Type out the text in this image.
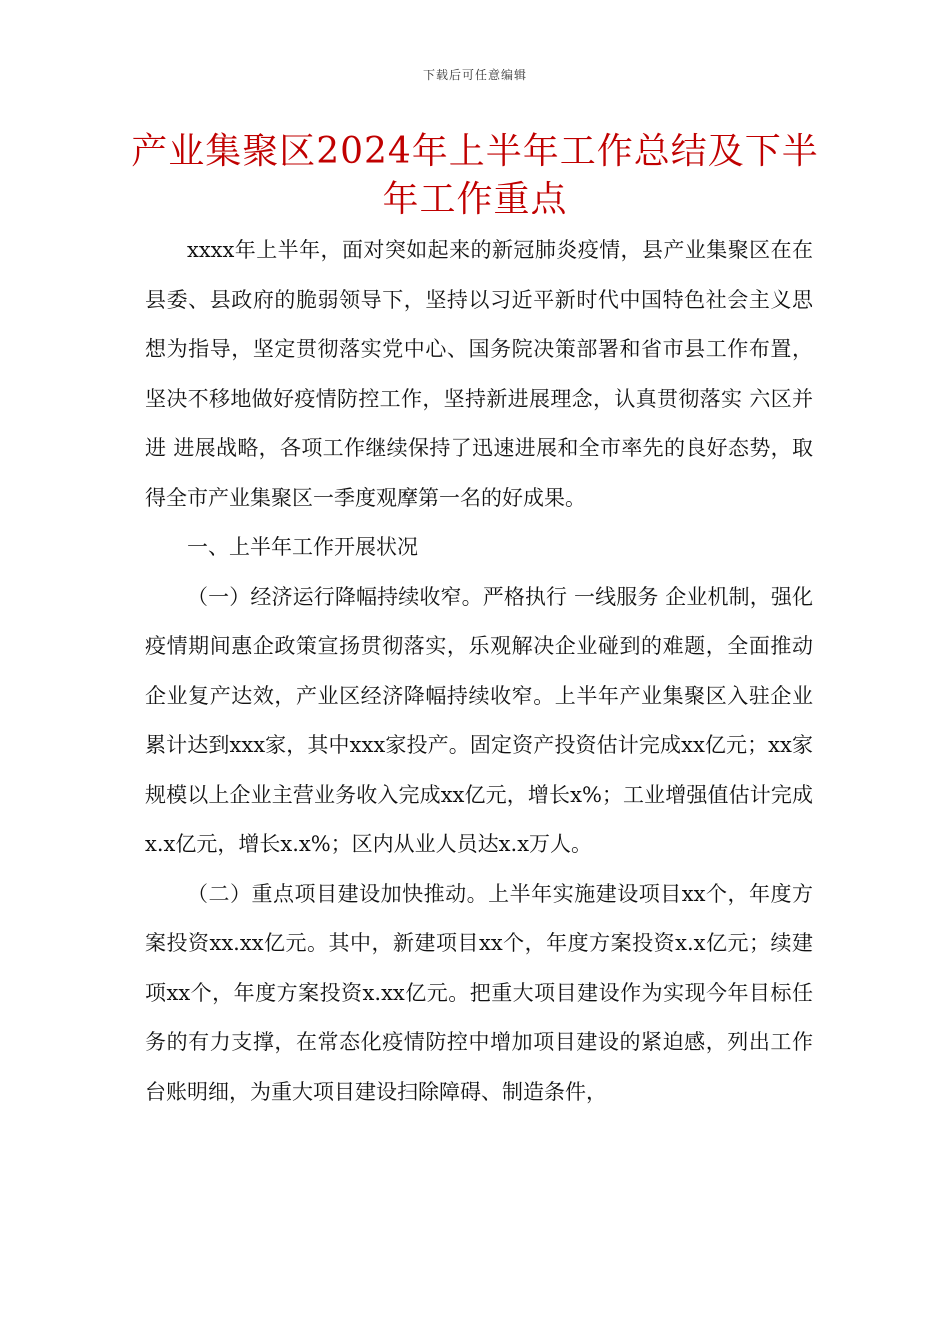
下载后可任意编辑
产业集聚区2024年上半年工作总结及下半
年工作重点

xxxx年上半年，面对突如起来的新冠肺炎疫情，县产业集聚区在在县委、县政府的脆弱领导下，坚持以习近平新时代中国特色社会主义思想为指导，坚定贯彻落实党中心、国务院决策部署和省市县工作布置，坚决不移地做好疫情防控工作，坚持新进展理念，认真贯彻落实 六区并进 进展战略，各项工作继续保持了迅速进展和全市率先的良好态势，取得全市产业集聚区一季度观摩第一名的好成果。

一、上半年工作开展状况

（一）经济运行降幅持续收窄。严格执行 一线服务 企业机制，强化疫情期间惠企政策宣扬贯彻落实，乐观解决企业碰到的难题，全面推动企业复产达效，产业区经济降幅持续收窄。上半年产业集聚区入驻企业累计达到xxx家，其中xxx家投产。固定资产投资估计完成xx亿元；xx家规模以上企业主营业务收入完成xx亿元，增长x%；工业增强值估计完成x.x亿元，增长x.x%；区内从业人员达x.x万人。

（二）重点项目建设加快推动。上半年实施建设项目xx个，年度方案投资xx.xx亿元。其中，新建项目xx个，年度方案投资x.x亿元；续建项xx个，年度方案投资x.xx亿元。把重大项目建设作为实现今年目标任务的有力支撑，在常态化疫情防控中增加项目建设的紧迫感，列出工作台账明细，为重大项目建设扫除障碍、制造条件，
